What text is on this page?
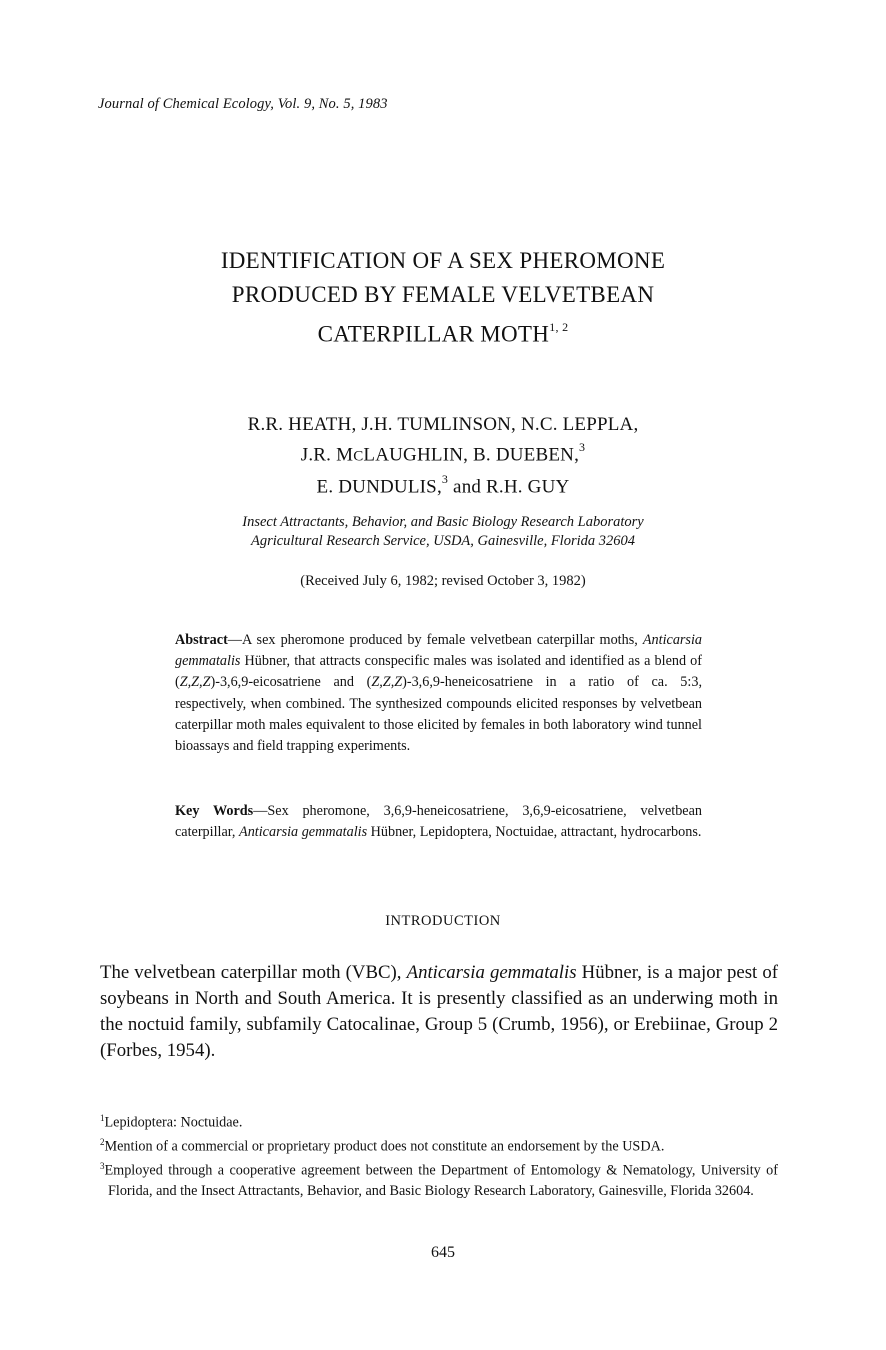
Journal of Chemical Ecology, Vol. 9, No. 5, 1983
IDENTIFICATION OF A SEX PHEROMONE
PRODUCED BY FEMALE VELVETBEAN
CATERPILLAR MOTH$^{1, 2}$
R.R. HEATH, J.H. TUMLINSON, N.C. LEPPLA,
J.R. MCLAUGHLIN, B. DUEBEN,$^3$
E. DUNDULIS,$^3$ and R.H. GUY
Insect Attractants, Behavior, and Basic Biology Research Laboratory
Agricultural Research Service, USDA, Gainesville, Florida 32604
(Received July 6, 1982; revised October 3, 1982)
Abstract—A sex pheromone produced by female velvetbean caterpillar moths, Anticarsia gemmatalis Hübner, that attracts conspecific males was isolated and identified as a blend of (Z,Z,Z)-3,6,9-eicosatriene and (Z,Z,Z)-3,6,9-heneicosatriene in a ratio of ca. 5:3, respectively, when combined. The synthesized compounds elicited responses by velvetbean caterpillar moth males equivalent to those elicited by females in both laboratory wind tunnel bioassays and field trapping experiments.
Key Words—Sex pheromone, 3,6,9-heneicosatriene, 3,6,9-eicosatriene, velvetbean caterpillar, Anticarsia gemmatalis Hübner, Lepidoptera, Noctuidae, attractant, hydrocarbons.
INTRODUCTION
The velvetbean caterpillar moth (VBC), Anticarsia gemmatalis Hübner, is a major pest of soybeans in North and South America. It is presently classified as an underwing moth in the noctuid family, subfamily Catocalinae, Group 5 (Crumb, 1956), or Erebiinae, Group 2 (Forbes, 1954).
$^1$Lepidoptera: Noctuidae.
$^2$Mention of a commercial or proprietary product does not constitute an endorsement by the USDA.
$^3$Employed through a cooperative agreement between the Department of Entomology & Nematology, University of Florida, and the Insect Attractants, Behavior, and Basic Biology Research Laboratory, Gainesville, Florida 32604.
645
